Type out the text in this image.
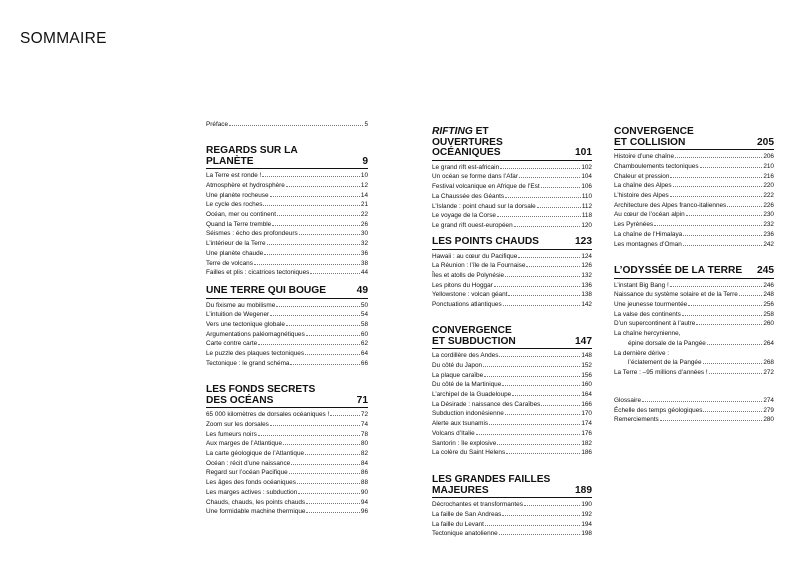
SOMMAIRE
Préface	5
REGARDS SUR LA PLANÈTE	9
La Terre est ronde !	10
Atmosphère et hydrosphère	12
Une planète rocheuse	14
Le cycle des roches	21
Océan, mer ou continent	22
Quand la Terre tremble	26
Séismes : écho des profondeurs	30
L’intérieur de la Terre	32
Une planète chaude	36
Terre de volcans	38
Failles et plis : cicatrices tectoniques	44
UNE TERRE QUI BOUGE	49
Du fixisme au mobilisme	50
L’intuition de Wegener	54
Vers une tectonique globale	58
Argumentations paléomagnétiques	60
Carte contre carte	62
Le puzzle des plaques tectoniques	64
Tectonique : le grand schéma	66
LES FONDS SECRETS
DES OCÉANS	71
65 000 kilomètres de dorsales océaniques !	72
Zoom sur les dorsales	74
Les fumeurs noirs	78
Aux marges de l’Atlantique	80
La carte géologique de l’Atlantique	82
Océan : récit d’une naissance	84
Regard sur l’océan Pacifique	86
Les âges des fonds océaniques	88
Les marges actives : subduction	90
Chauds, chauds, les points chauds	94
Une formidable machine thermique	96
RIFTING ET OUVERTURES
OCÉANIQUES	101
Le grand rift est-africain	102
Un océan se forme dans l’Afar	104
Festival volcanique en Afrique de l’Est	106
La Chaussée des Géants	110
L’Islande : point chaud sur la dorsale	112
Le voyage de la Corse	118
Le grand rift ouest-européen	120
LES POINTS CHAUDS	123
Hawaii : au cœur du Pacifique	124
La Réunion : l’île de la Fournaise	126
Îles et atolls de Polynésie	132
Les pitons du Hoggar	136
Yellowstone : volcan géant	138
Ponctuations atlantiques	142
CONVERGENCE
ET SUBDUCTION	147
La cordillère des Andes	148
Du côté du Japon	152
La plaque caraïbe	156
Du côté de la Martinique	160
L’archipel de la Guadeloupe	164
La Désirade : naissance des Caraïbes	166
Subduction indonésienne	170
Alerte aux tsunamis	174
Volcans d’Italie	176
Santorin : île explosive	182
La colère du Saint Helens	186
LES GRANDES FAILLES
MAJEURES	189
Décrochantes et transformantes	190
La faille de San Andreas	192
La faille du Levant	194
Tectonique anatolienne	198
CONVERGENCE
ET COLLISION	205
Histoire d’une chaîne	206
Chamboulements tectoniques	210
Chaleur et pression	216
La chaîne des Alpes	220
L’histoire des Alpes	222
Architecture des Alpes franco-italiennes	226
Au cœur de l’océan alpin	230
Les Pyrénées	232
La chaîne de l’Himalaya	236
Les montagnes d’Oman	242
L’ODYSSÉE DE LA TERRE	245
L’instant Big Bang !	246
Naissance du système solaire et de la Terre	248
Une jeunesse tourmentée	256
La valse des continents	258
D’un supercontinent à l’autre	260
La chaîne hercynienne,
épine dorsale de la Pangée	264
La dernière dérive :
l’éclatement de la Pangée	268
La Terre : –95 millions d’années !	272
Glossaire	274
Échelle des temps géologiques	279
Remerciements	280
